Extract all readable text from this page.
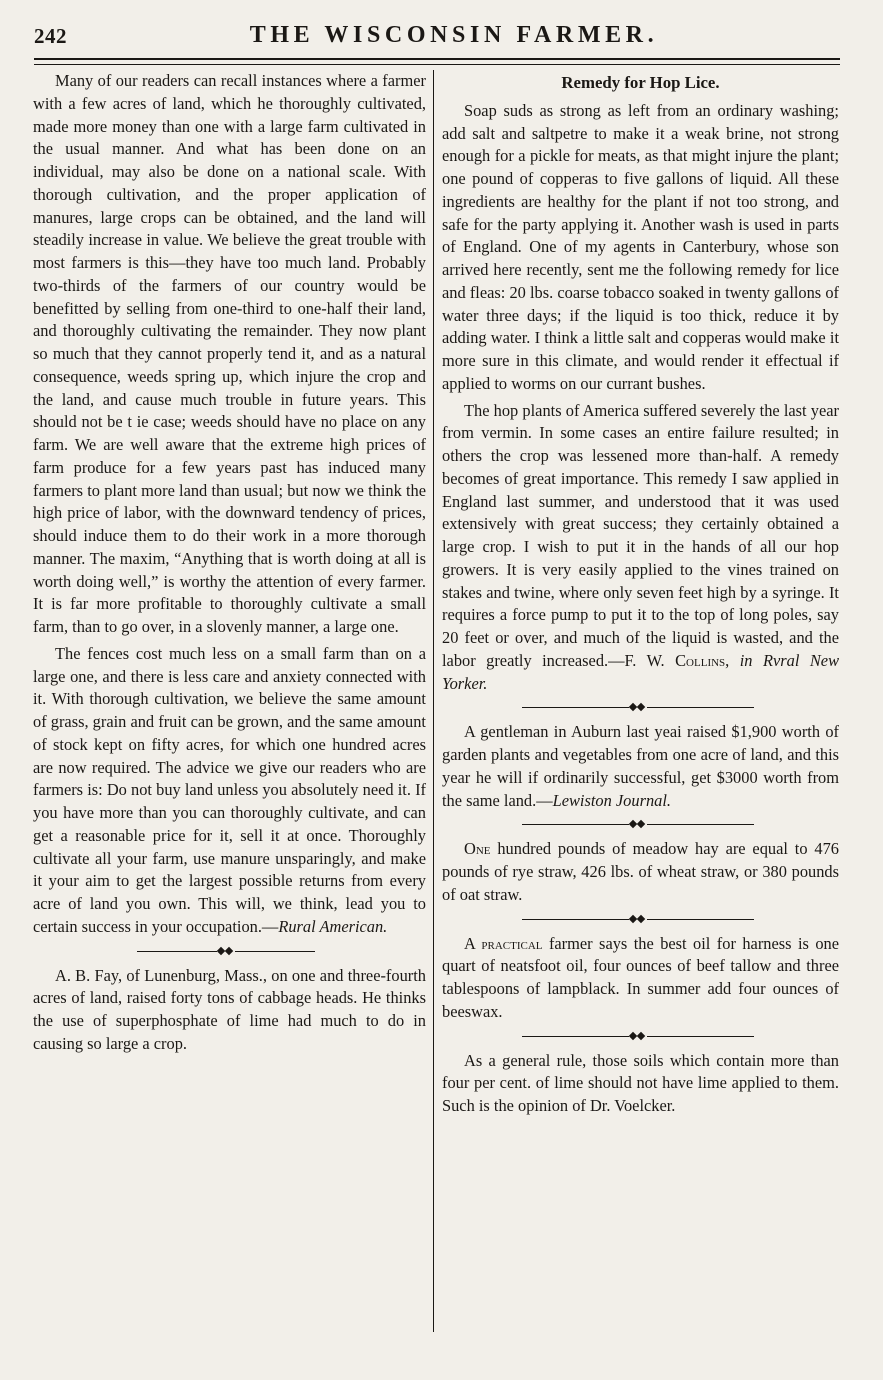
242	THE WISCONSIN FARMER.

Many of our readers can recall instances where a farmer with a few acres of land, which he thoroughly cultivated, made more money than one with a large farm cultivated in the usual manner. And what has been done on an individual, may also be done on a national scale. With thorough cultivation, and the proper application of manures, large crops can be obtained, and the land will steadily increase in value. We believe the great trouble with most farmers is this—they have too much land. Probably two-thirds of the farmers of our country would be benefitted by selling from one-third to one-half their land, and thoroughly cultivating the remainder. They now plant so much that they cannot properly tend it, and as a natural consequence, weeds spring up, which injure the crop and the land, and cause much trouble in future years. This should not be t ie case; weeds should have no place on any farm. We are well aware that the extreme high prices of farm produce for a few years past has induced many farmers to plant more land than usual; but now we think the high price of labor, with the downward tendency of prices, should induce them to do their work in a more thorough manner. The maxim, “Anything that is worth doing at all is worth doing well,” is worthy the attention of every farmer. It is far more profitable to thoroughly cultivate a small farm, than to go over, in a slovenly manner, a large one.

The fences cost much less on a small farm than on a large one, and there is less care and anxiety connected with it. With thorough cultivation, we believe the same amount of grass, grain and fruit can be grown, and the same amount of stock kept on fifty acres, for which one hundred acres are now required. The advice we give our readers who are farmers is: Do not buy land unless you absolutely need it. If you have more than you can thoroughly cultivate, and can get a reasonable price for it, sell it at once. Thoroughly cultivate all your farm, use manure unsparingly, and make it your aim to get the largest possible returns from every acre of land you own. This will, we think, lead you to certain success in your occupation.—Rural American.

A. B. Fay, of Lunenburg, Mass., on one and three-fourth acres of land, raised forty tons of cabbage heads. He thinks the use of superphosphate of lime had much to do in causing so large a crop.

Remedy for Hop Lice.

Soap suds as strong as left from an ordinary washing; add salt and saltpetre to make it a weak brine, not strong enough for a pickle for meats, as that might injure the plant; one pound of copperas to five gallons of liquid. All these ingredients are healthy for the plant if not too strong, and safe for the party applying it. Another wash is used in parts of England. One of my agents in Canterbury, whose son arrived here recently, sent me the following remedy for lice and fleas: 20 lbs. coarse tobacco soaked in twenty gallons of water three days; if the liquid is too thick, reduce it by adding water. I think a little salt and copperas would make it more sure in this climate, and would render it effectual if applied to worms on our currant bushes.

The hop plants of America suffered severely the last year from vermin. In some cases an entire failure resulted; in others the crop was lessened more than-half. A remedy becomes of great importance. This remedy I saw applied in England last summer, and understood that it was used extensively with great success; they certainly obtained a large crop. I wish to put it in the hands of all our hop growers. It is very easily applied to the vines trained on stakes and twine, where only seven feet high by a syringe. It requires a force pump to put it to the top of long poles, say 20 feet or over, and much of the liquid is wasted, and the labor greatly increased.—F. W. Collins, in Rvral New Yorker.

A gentleman in Auburn last yeai raised $1,900 worth of garden plants and vegetables from one acre of land, and this year he will if ordinarily successful, get $3000 worth from the same land.—Lewiston Journal.

One hundred pounds of meadow hay are equal to 476 pounds of rye straw, 426 lbs. of wheat straw, or 380 pounds of oat straw.

A practical farmer says the best oil for harness is one quart of neatsfoot oil, four ounces of beef tallow and three tablespoons of lampblack. In summer add four ounces of beeswax.

As a general rule, those soils which contain more than four per cent. of lime should not have lime applied to them. Such is the opinion of Dr. Voelcker.
